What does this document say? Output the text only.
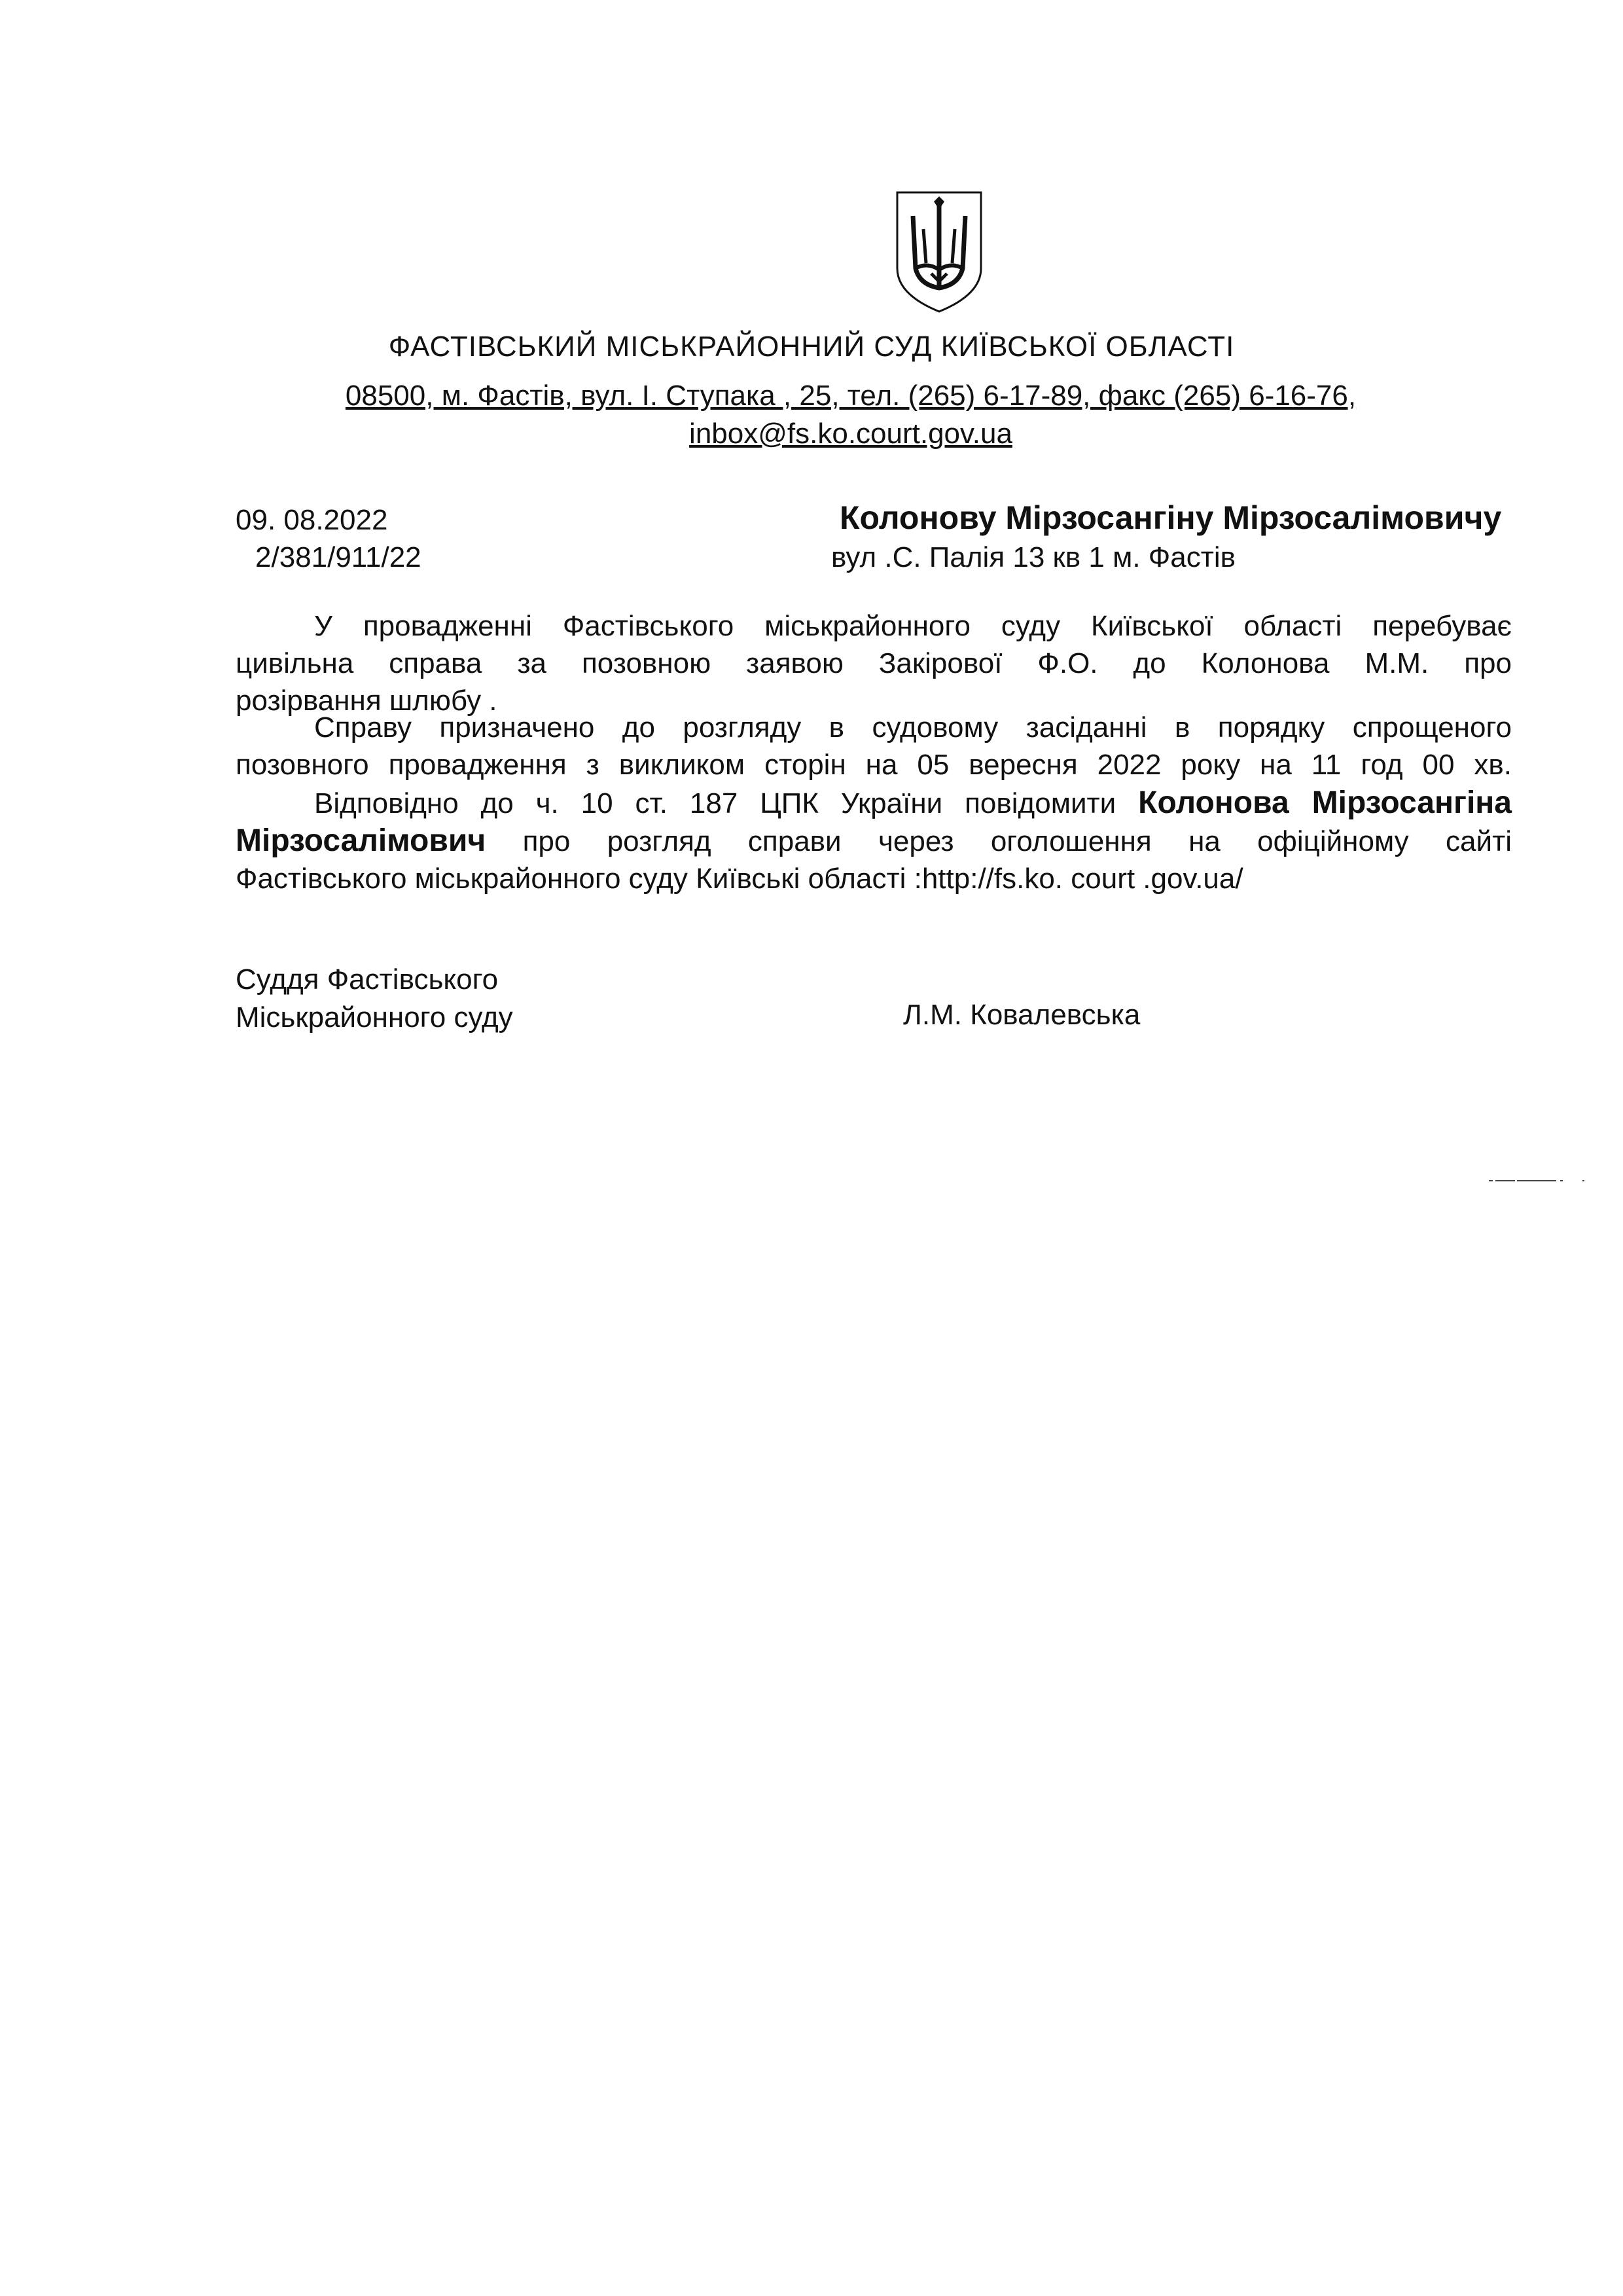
ФАСТІВСЬКИЙ МІСЬКРАЙОННИЙ СУД КИЇВСЬКОЇ ОБЛАСТІ
08500, м. Фастів, вул. І. Ступака , 25, тел. (265) 6-17-89, факс (265) 6-16-76,
inbox@fs.ko.court.gov.ua
09. 08.2022
2/381/911/22
Колонову Мірзосангіну Мірзосалімовичу
вул .С. Палія 13 кв 1 м. Фастів
У провадженні Фастівського міськрайонного суду Київської області перебуває
цивільна справа за позовною заявою Закірової Ф.О. до Колонова М.М. про
розірвання шлюбу .
Справу призначено до розгляду в судовому засіданні в порядку спрощеного
позовного провадження з викликом сторін на 05 вересня 2022 року на 11 год 00 хв.
Відповідно до ч. 10 ст. 187 ЦПК України повідомити Колонова Мірзосангіна
Мірзосалімович про розгляд справи через оголошення на офіційному сайті
Фастівського міськрайонного суду Київські області :http://fs.ko. court .gov.ua/
Суддя Фастівського
Міськрайонного суду	Л.М. Ковалевська
